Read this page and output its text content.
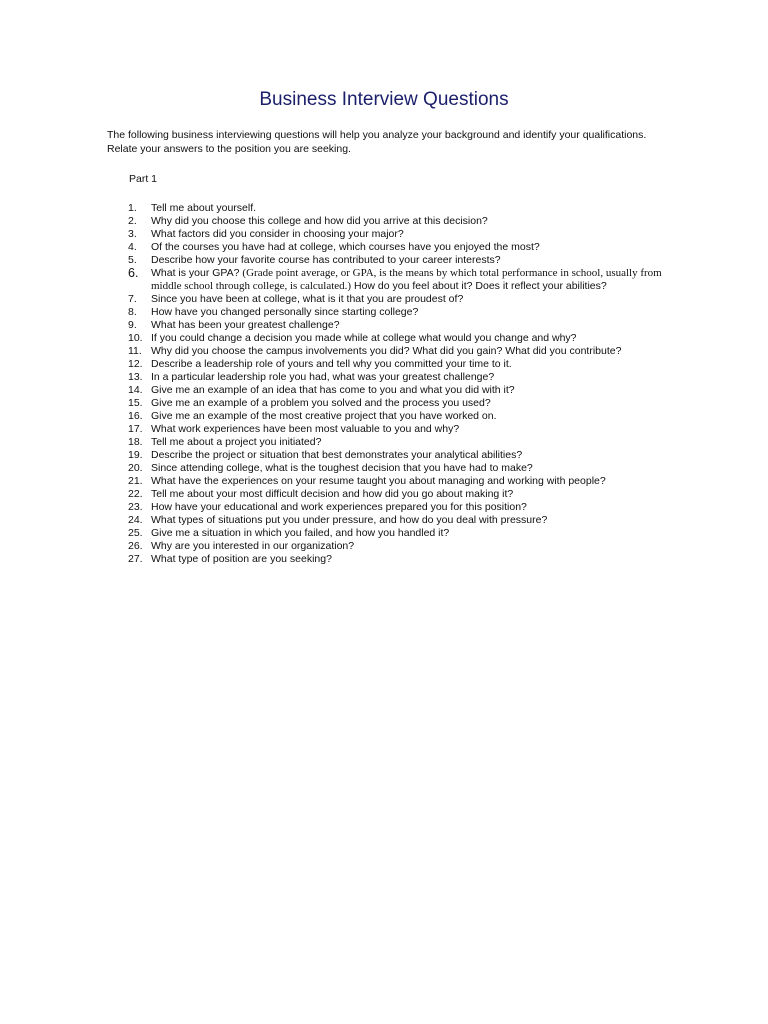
Business Interview Questions

The following business interviewing questions will help you analyze your background and identify your qualifications. Relate your answers to the position you are seeking.

Part 1

1.	Tell me about yourself.
2.	Why did you choose this college and how did you arrive at this decision?
3.	What factors did you consider in choosing your major?
4.	Of the courses you have had at college, which courses have you enjoyed the most?
5.	Describe how your favorite course has contributed to your career interests?
6.	What is your GPA? (Grade point average, or GPA, is the means by which total performance in school, usually from middle school through college, is calculated.) How do you feel about it? Does it reflect your abilities?
7.	Since you have been at college, what is it that you are proudest of?
8.	How have you changed personally since starting college?
9.	What has been your greatest challenge?
10. If you could change a decision you made while at college what would you change and why?
11. Why did you choose the campus involvements you did? What did you gain? What did you contribute?
12. Describe a leadership role of yours and tell why you committed your time to it.
13. In a particular leadership role you had, what was your greatest challenge?
14. Give me an example of an idea that has come to you and what you did with it?
15. Give me an example of a problem you solved and the process you used?
16. Give me an example of the most creative project that you have worked on.
17. What work experiences have been most valuable to you and why?
18. Tell me about a project you initiated?
19. Describe the project or situation that best demonstrates your analytical abilities?
20. Since attending college, what is the toughest decision that you have had to make?
21. What have the experiences on your resume taught you about managing and working with people?
22. Tell me about your most difficult decision and how did you go about making it?
23. How have your educational and work experiences prepared you for this position?
24. What types of situations put you under pressure, and how do you deal with pressure?
25. Give me a situation in which you failed, and how you handled it?
26. Why are you interested in our organization?
27. What type of position are you seeking?
